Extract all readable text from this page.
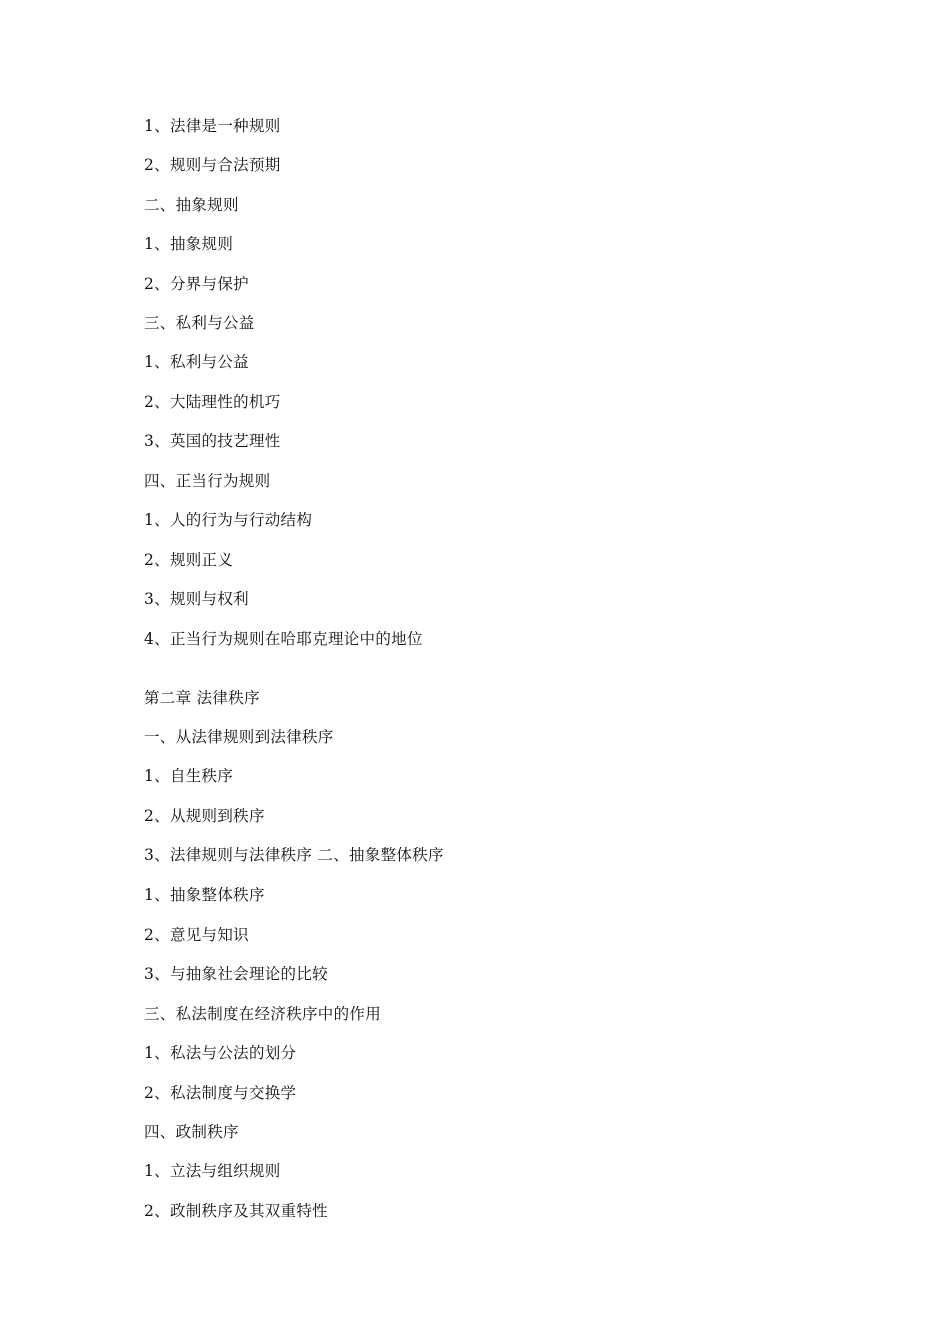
1、法律是一种规则
2、规则与合法预期
二、抽象规则
1、抽象规则
2、分界与保护
三、私利与公益
1、私利与公益
2、大陆理性的机巧
3、英国的技艺理性
四、正当行为规则
1、人的行为与行动结构
2、规则正义
3、规则与权利
4、正当行为规则在哈耶克理论中的地位
第二章 法律秩序
一、从法律规则到法律秩序
1、自生秩序
2、从规则到秩序
3、法律规则与法律秩序 二、抽象整体秩序
1、抽象整体秩序
2、意见与知识
3、与抽象社会理论的比较
三、私法制度在经济秩序中的作用
1、私法与公法的划分
2、私法制度与交换学
四、政制秩序
1、立法与组织规则
2、政制秩序及其双重特性
